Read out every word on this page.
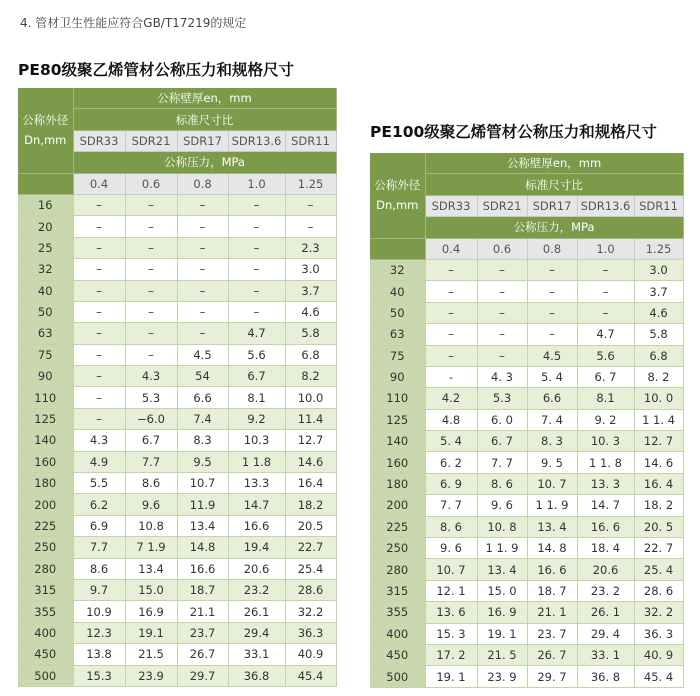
4. 管材卫生性能应符合GB/T17219的规定
PE80级聚乙烯管材公称压力和规格尺寸
公称外径
Dn,mm	公称壁厚en，mm				
	标准尺寸比				
	SDR33	SDR21	SDR17	SDR13.6	SDR11
	公称压力，MPa				
	0.4	0.6	0.8	1.0	1.25
16	–	–	–	–	–
20	–	–	–	–	–
25	–	–	–	–	2.3
32	–	–	–	–	3.0
40	–	–	–	–	3.7
50	–	–	–	–	4.6
63	–	–	–	4.7	5.8
75	–	–	4.5	5.6	6.8
90	–	4.3	54	6.7	8.2
110	–	5.3	6.6	8.1	10.0
125	–	−6.0	7.4	9.2	11.4
140	4.3	6.7	8.3	10.3	12.7
160	4.9	7.7	9.5	1 1.8	14.6
180	5.5	8.6	10.7	13.3	16.4
200	6.2	9.6	11.9	14.7	18.2
225	6.9	10.8	13.4	16.6	20.5
250	7.7	7 1.9	14.8	19.4	22.7
280	8.6	13.4	16.6	20.6	25.4
315	9.7	15.0	18.7	23.2	28.6
355	10.9	16.9	21.1	26.1	32.2
400	12.3	19.1	23.7	29.4	36.3
450	13.8	21.5	26.7	33.1	40.9
500	15.3	23.9	29.7	36.8	45.4
PE100级聚乙烯管材公称压力和规格尺寸
公称外径
Dn,mm	公称壁厚en，mm				
	标准尺寸比				
	SDR33	SDR21	SDR17	SDR13.6	SDR11
	公称压力，MPa				
	0.4	0.6	0.8	1.0	1.25
32	–	–	–	–	3.0
40	–	–	–	–	3.7
50	–	–	–	–	4.6
63	–	–	–	4.7	5.8
75	–	–	4.5	5.6	6.8
90	-	4. 3	5. 4	6. 7	8. 2
110	4.2	5.3	6.6	8.1	10. 0
125	4.8	6. 0	7. 4	9. 2	1 1. 4
140	5. 4	6. 7	8. 3	10. 3	12. 7
160	6. 2	7. 7	9. 5	1 1. 8	14. 6
180	6. 9	8. 6	10. 7	13. 3	16. 4
200	7. 7	9. 6	1 1. 9	14. 7	18. 2
225	8. 6	10. 8	13. 4	16. 6	20. 5
250	9. 6	1 1. 9	14. 8	18. 4	22. 7
280	10. 7	13. 4	16. 6	20.6	25. 4
315	12. 1	15. 0	18. 7	23. 2	28. 6
355	13. 6	16. 9	21. 1	26. 1	32. 2
400	15. 3	19. 1	23. 7	29. 4	36. 3
450	17. 2	21. 5	26. 7	33. 1	40. 9
500	19. 1	23. 9	29. 7	36. 8	45. 4
